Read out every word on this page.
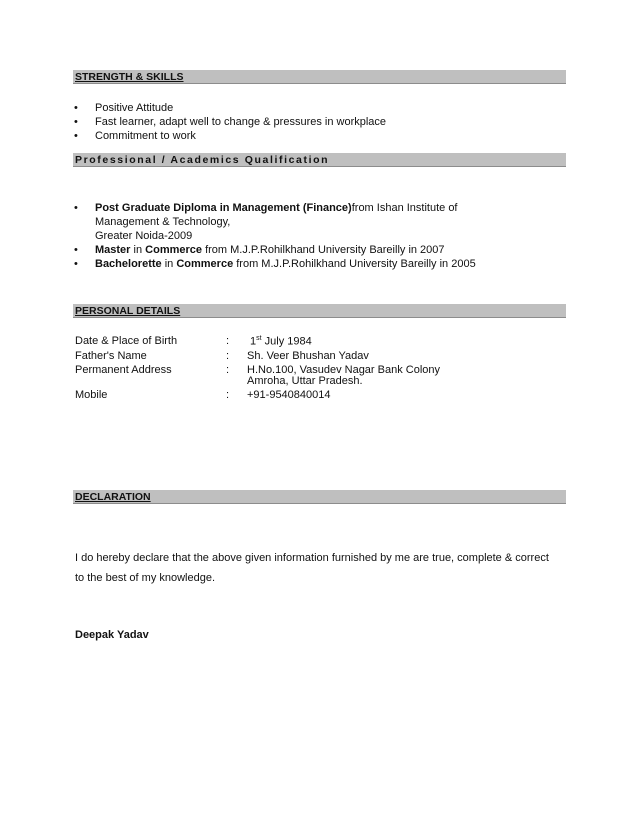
STRENGTH & SKILLS
• Positive Attitude
• Fast learner, adapt well to change & pressures in workplace
• Commitment to work
Professional / Academics Qualification
• Post Graduate Diploma in Management (Finance)from Ishan Institute of
Management & Technology,
Greater Noida-2009
• Master in Commerce from M.J.P.Rohilkhand University Bareilly in 2007
• Bachelorette in Commerce from M.J.P.Rohilkhand University Bareilly in 2005
PERSONAL DETAILS
Date & Place of Birth	: 1st July 1984
Father's Name	: Sh. Veer Bhushan Yadav
Permanent Address	: H.No.100, Vasudev Nagar Bank Colony
Amroha, Uttar Pradesh.
Mobile	: +91-9540840014
DECLARATION
I do hereby declare that the above given information furnished by me are true, complete & correct to the best of my knowledge.
Deepak Yadav
